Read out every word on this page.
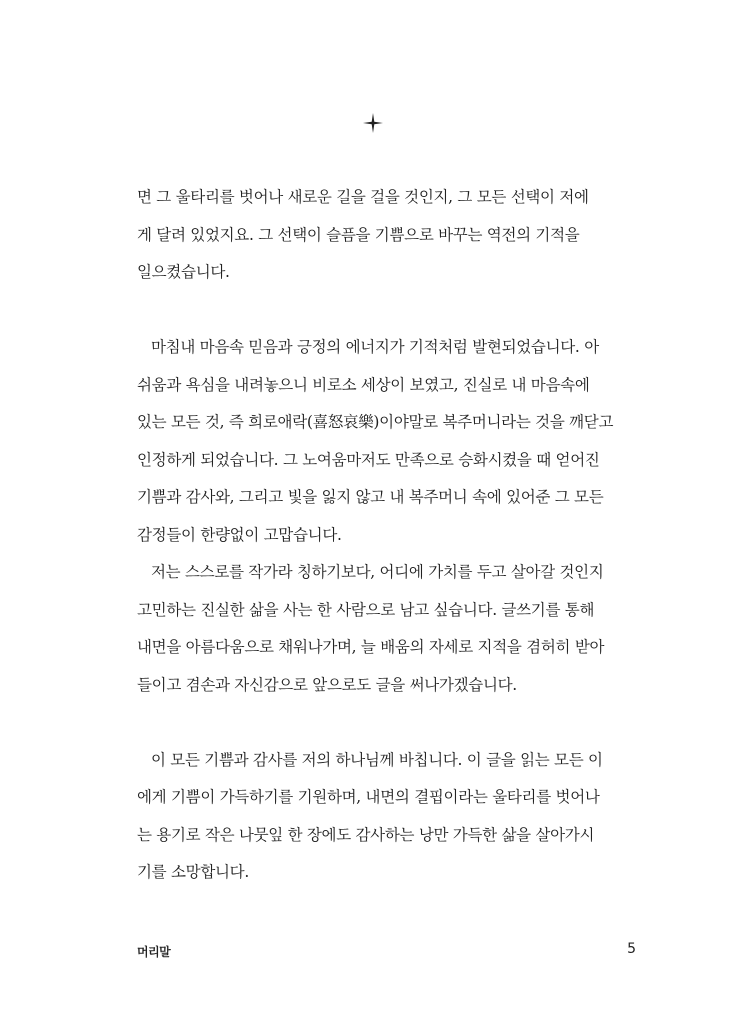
면 그 울타리를 벗어나 새로운 길을 걸을 것인지, 그 모든 선택이 저에

게 달려 있었지요. 그 선택이 슬픔을 기쁨으로 바꾸는 역전의 기적을

일으켰습니다.

마침내 마음속 믿음과 긍정의 에너지가 기적처럼 발현되었습니다. 아

쉬움과 욕심을 내려놓으니 비로소 세상이 보였고, 진실로 내 마음속에

있는 모든 것, 즉 희로애락(喜怒哀樂)이야말로 복주머니라는 것을 깨닫고

인정하게 되었습니다. 그 노여움마저도 만족으로 승화시켰을 때 얻어진

기쁨과 감사와, 그리고 빛을 잃지 않고 내 복주머니 속에 있어준 그 모든

감정들이 한량없이 고맙습니다.

저는 스스로를 작가라 칭하기보다, 어디에 가치를 두고 살아갈 것인지

고민하는 진실한 삶을 사는 한 사람으로 남고 싶습니다. 글쓰기를 통해

내면을 아름다움으로 채워나가며, 늘 배움의 자세로 지적을 겸허히 받아

들이고 겸손과 자신감으로 앞으로도 글을 써나가겠습니다.

이 모든 기쁨과 감사를 저의 하나님께 바칩니다. 이 글을 읽는 모든 이

에게 기쁨이 가득하기를 기원하며, 내면의 결핍이라는 울타리를 벗어나

는 용기로 작은 나뭇잎 한 장에도 감사하는 낭만 가득한 삶을 살아가시

기를 소망합니다.

머리말	5
